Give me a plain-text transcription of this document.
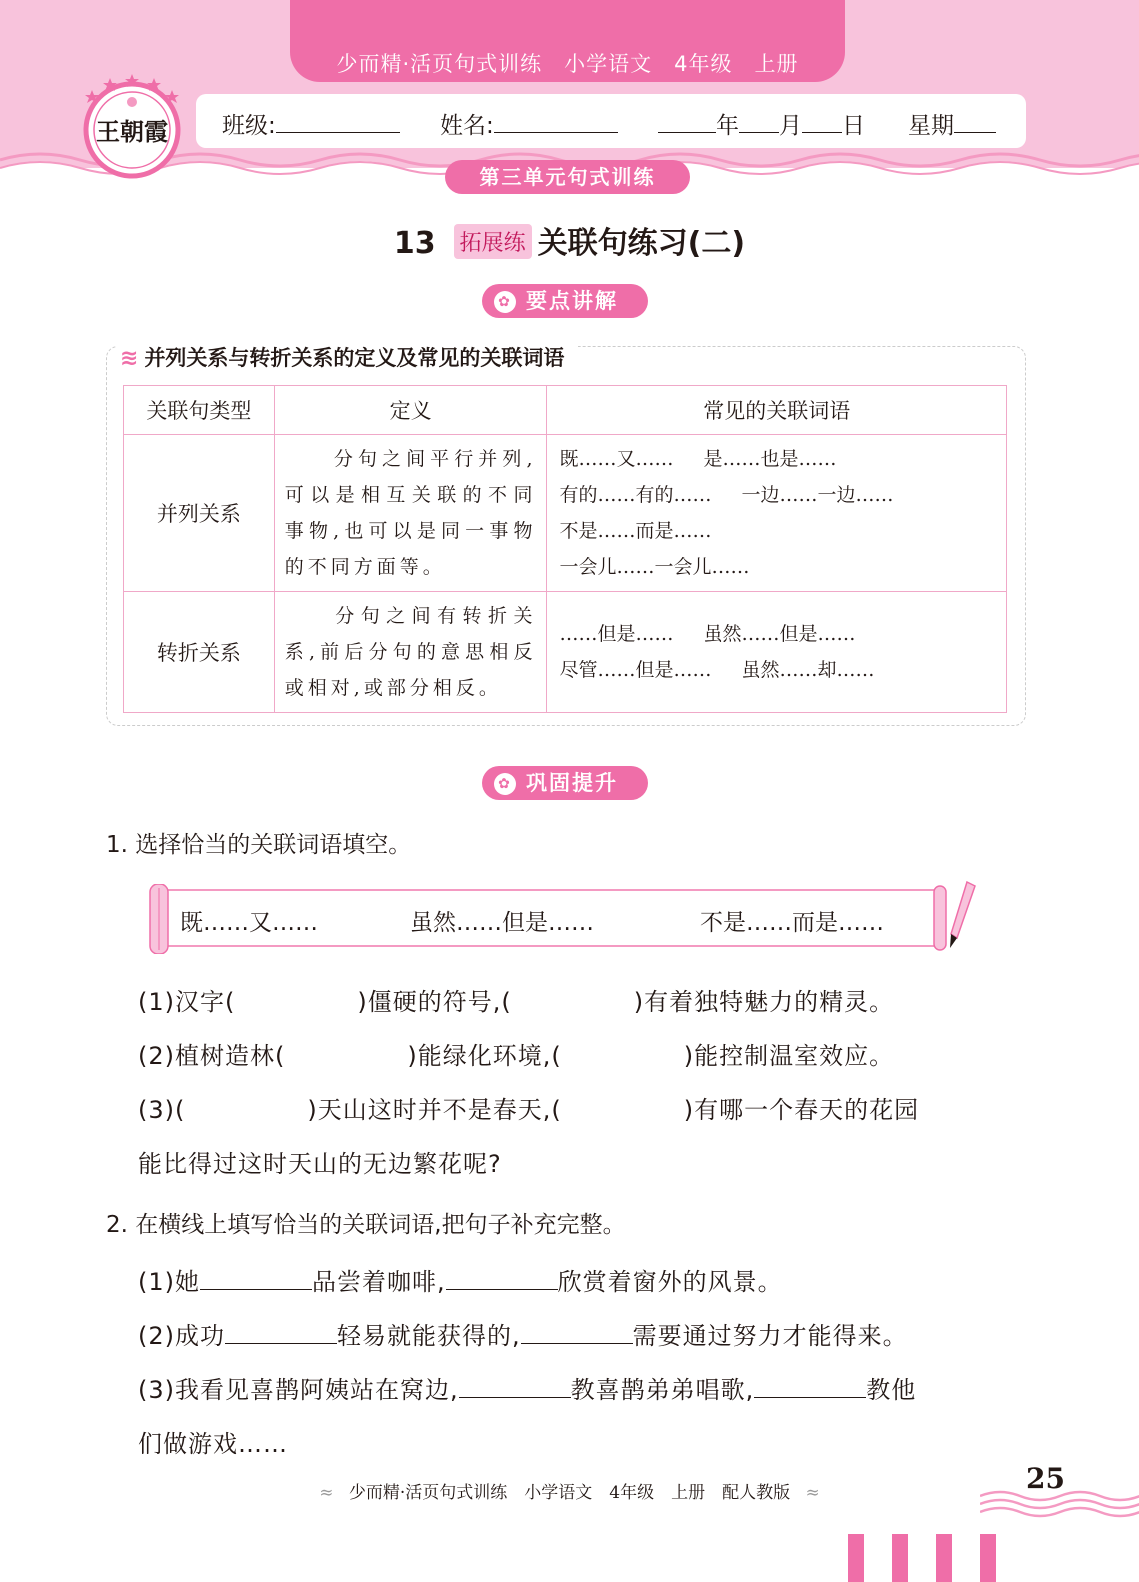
少而精·活页句式训练　小学语文　4年级　上册
班级:	姓名:	年 月 日 星期
王朝霞
第三单元句式训练
13 拓展练 关联句练习(二)
✿ 要点讲解
≋ 并列关系与转折关系的定义及常见的关联词语
关联句类型	定义	常见的关联词语
并列关系	分句之间平行并列,可以是相互关联的不同事物,也可以是同一事物的不同方面等。	既……又…… 是……也是……
有的……有的…… 一边……一边……
不是……而是……
一会儿……一会儿……
转折关系	分句之间有转折关系,前后分句的意思相反或相对,或部分相反。	……但是…… 虽然……但是……
尽管……但是…… 虽然……却……
✿ 巩固提升
1. 选择恰当的关联词语填空。
既……又……	虽然……但是……	不是……而是……
(1)汉字(	)僵硬的符号,(	)有着独特魅力的精灵。
(2)植树造林(	)能绿化环境,(	)能控制温室效应。
(3)(	)天山这时并不是春天,(	)有哪一个春天的花园
能比得过这时天山的无边繁花呢?
2. 在横线上填写恰当的关联词语,把句子补充完整。
(1)她	品尝着咖啡,	欣赏着窗外的风景。
(2)成功	轻易就能获得的,	需要通过努力才能得来。
(3)我看见喜鹊阿姨站在窝边,	教喜鹊弟弟唱歌,	教他
们做游戏……
≈ 少而精·活页句式训练　小学语文　4年级　上册　配人教版 ≈	25
